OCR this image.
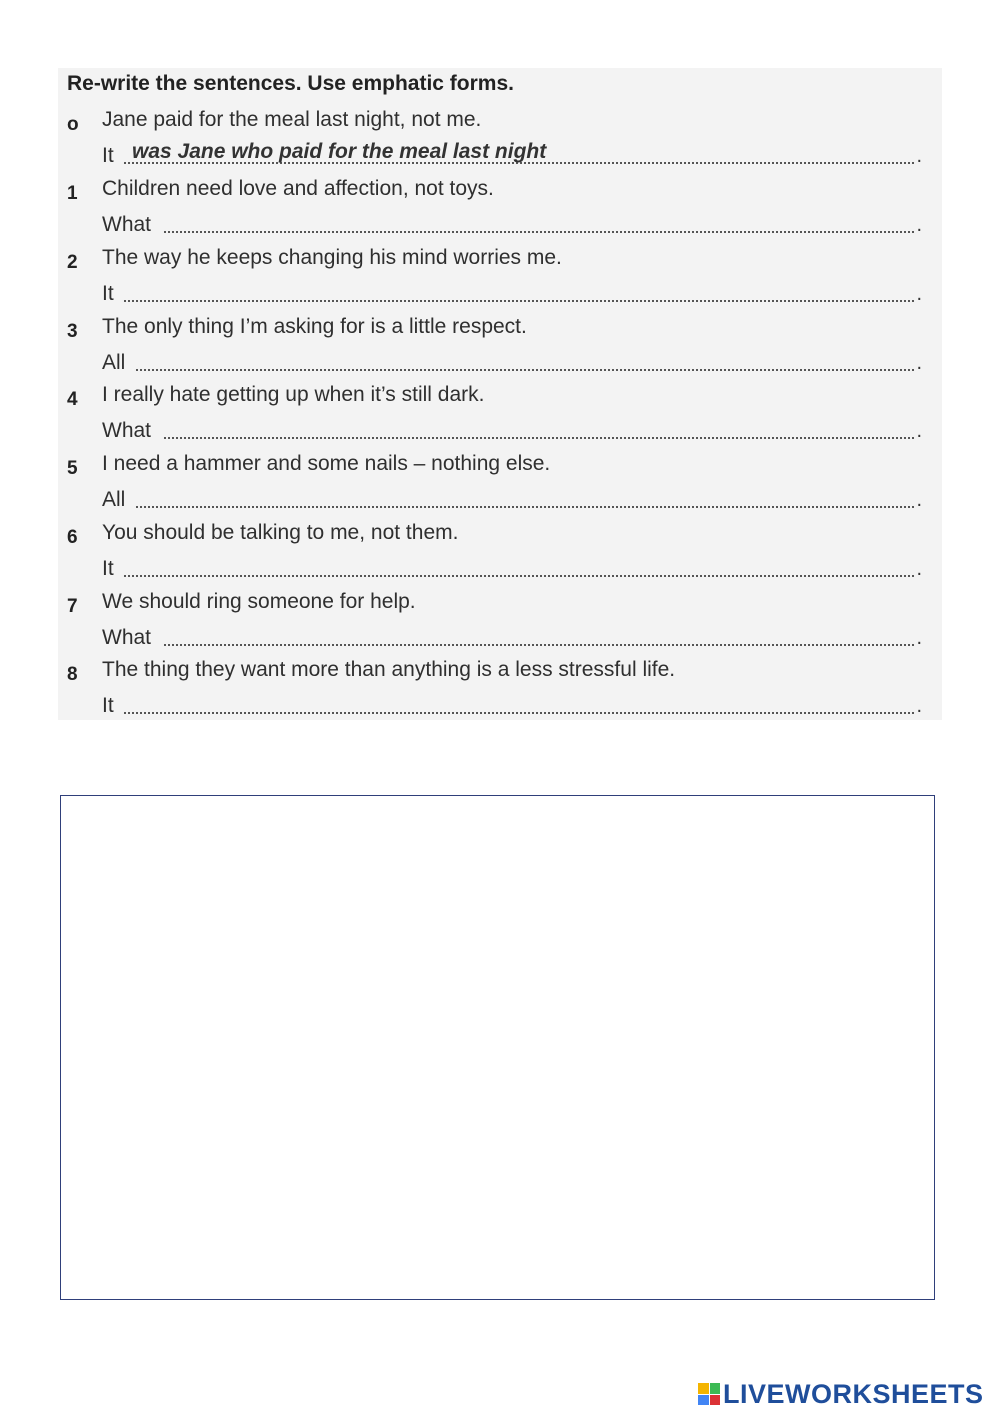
Re-write the sentences. Use emphatic forms.
o	Jane paid for the meal last night, not me.
It was Jane who paid for the meal last night	.
1	Children need love and affection, not toys.
What	.
2	The way he keeps changing his mind worries me.
It	.
3	The only thing I’m asking for is a little respect.
All	.
4	I really hate getting up when it’s still dark.
What	.
5	I need a hammer and some nails – nothing else.
All	.
6	You should be talking to me, not them.
It	.
7	We should ring someone for help.
What	.
8	The thing they want more than anything is a less stressful life.
It	.
LIVEWORKSHEETS
